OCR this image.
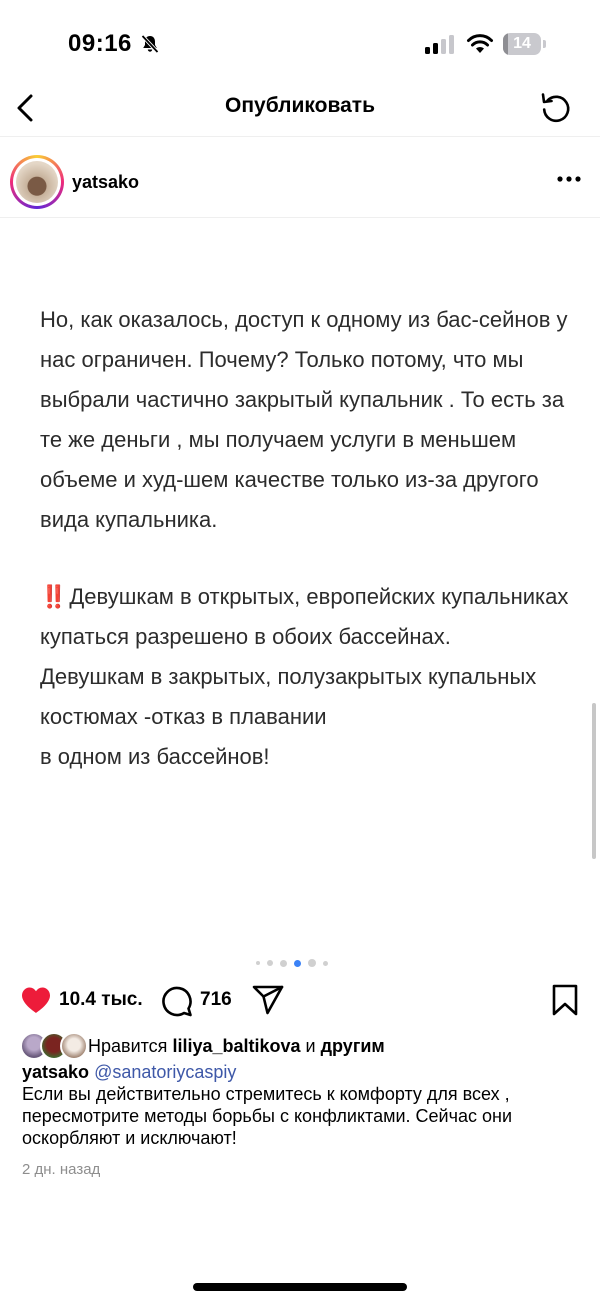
09:16	14
Опубликовать
yatsako

Но, как оказалось, доступ к одному из бас-сейнов у нас ограничен. Почему? Только потому, что мы выбрали частично закрытый купальник . То есть за те же деньги , мы получаем услуги в меньшем объеме и худ-шем качестве только из-за другого вида купальника.

‼️ Девушкам в открытых, европейских купальниках купаться разрешено в обоих бассейнах.

Девушкам в закрытых, полузакрытых купальных костюмах -отказ в плавании

в одном из бассейнов!

10.4 тыс.	716
Нравится liliya_baltikova и другим
yatsako @sanatoriycaspiy
Если вы действительно стремитесь к комфорту для всех , пересмотрите методы борьбы с конфликтами. Сейчас они оскорбляют и исключают!
2 дн. назад
